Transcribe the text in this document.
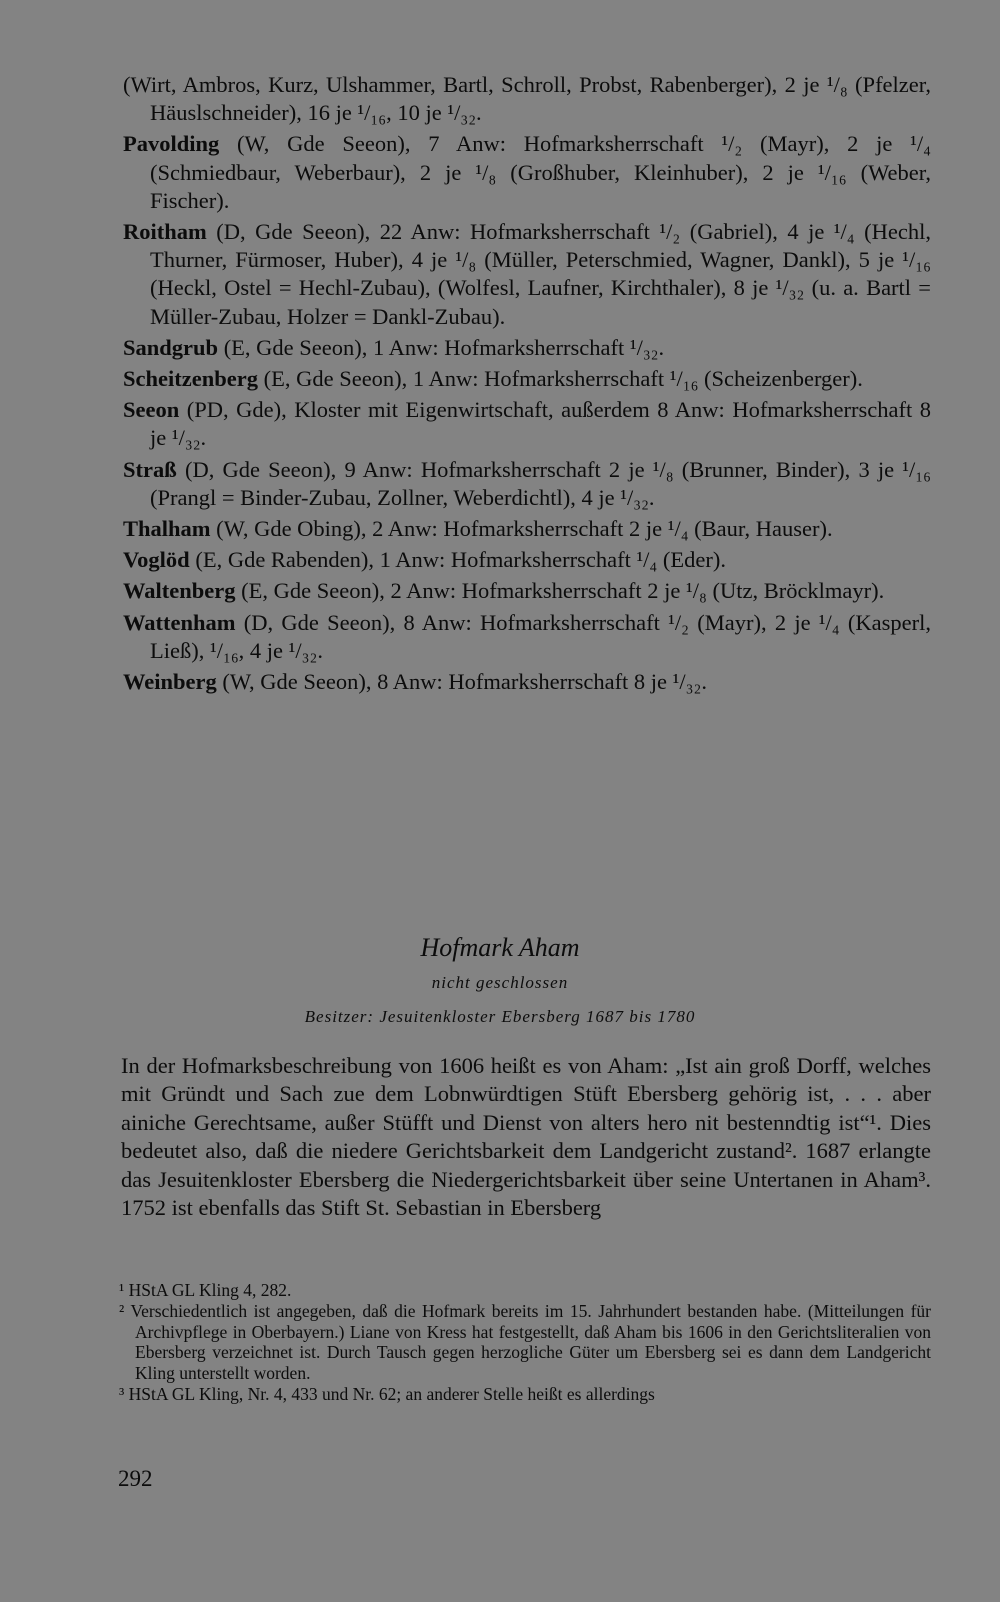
(Wirt, Ambros, Kurz, Ulshammer, Bartl, Schroll, Probst, Rabenberger), 2 je ¹/₈ (Pfelzer, Häuslschneider), 16 je ¹/₁₆, 10 je ¹/₃₂.

Pavolding (W, Gde Seeon), 7 Anw: Hofmarksherrschaft ¹/₂ (Mayr), 2 je ¹/₄ (Schmiedbaur, Weberbaur), 2 je ¹/₈ (Großhuber, Kleinhuber), 2 je ¹/₁₆ (Weber, Fischer).

Roitham (D, Gde Seeon), 22 Anw: Hofmarksherrschaft ¹/₂ (Gabriel), 4 je ¹/₄ (Hechl, Thurner, Fürmoser, Huber), 4 je ¹/₈ (Müller, Peterschmied, Wagner, Dankl), 5 je ¹/₁₆ (Heckl, Ostel = Hechl-Zubau), (Wolfesl, Laufner, Kirchthaler), 8 je ¹/₃₂ (u. a. Bartl = Müller-Zubau, Holzer = Dankl-Zubau).

Sandgrub (E, Gde Seeon), 1 Anw: Hofmarksherrschaft ¹/₃₂.

Scheitzenberg (E, Gde Seeon), 1 Anw: Hofmarksherrschaft ¹/₁₆ (Scheizenberger).

Seeon (PD, Gde), Kloster mit Eigenwirtschaft, außerdem 8 Anw: Hofmarksherrschaft 8 je ¹/₃₂.

Straß (D, Gde Seeon), 9 Anw: Hofmarksherrschaft 2 je ¹/₈ (Brunner, Binder), 3 je ¹/₁₆ (Prangl = Binder-Zubau, Zollner, Weberdichtl), 4 je ¹/₃₂.

Thalham (W, Gde Obing), 2 Anw: Hofmarksherrschaft 2 je ¹/₄ (Baur, Hauser).

Voglöd (E, Gde Rabenden), 1 Anw: Hofmarksherrschaft ¹/₄ (Eder).

Waltenberg (E, Gde Seeon), 2 Anw: Hofmarksherrschaft 2 je ¹/₈ (Utz, Bröcklmayr).

Wattenham (D, Gde Seeon), 8 Anw: Hofmarksherrschaft ¹/₂ (Mayr), 2 je ¹/₄ (Kasperl, Ließ), ¹/₁₆, 4 je ¹/₃₂.

Weinberg (W, Gde Seeon), 8 Anw: Hofmarksherrschaft 8 je ¹/₃₂.

Hofmark Aham
nicht geschlossen
Besitzer: Jesuitenkloster Ebersberg 1687 bis 1780
In der Hofmarksbeschreibung von 1606 heißt es von Aham: „Ist ain groß Dorff, welches mit Gründt und Sach zue dem Lobnwürdtigen Stüft Ebersberg gehörig ist, . . . aber ainiche Gerechtsame, außer Stüfft und Dienst von alters hero nit bestenndtig ist“¹. Dies bedeutet also, daß die niedere Gerichtsbarkeit dem Landgericht zustand². 1687 erlangte das Jesuitenkloster Ebersberg die Niedergerichtsbarkeit über seine Untertanen in Aham³. 1752 ist ebenfalls das Stift St. Sebastian in Ebersberg

¹ HStA GL Kling 4, 282.

² Verschiedentlich ist angegeben, daß die Hofmark bereits im 15. Jahrhundert bestanden habe. (Mitteilungen für Archivpflege in Oberbayern.) Liane von Kress hat festgestellt, daß Aham bis 1606 in den Gerichtsliteralien von Ebersberg verzeichnet ist. Durch Tausch gegen herzogliche Güter um Ebersberg sei es dann dem Landgericht Kling unterstellt worden.

³ HStA GL Kling, Nr. 4, 433 und Nr. 62; an anderer Stelle heißt es allerdings

292
